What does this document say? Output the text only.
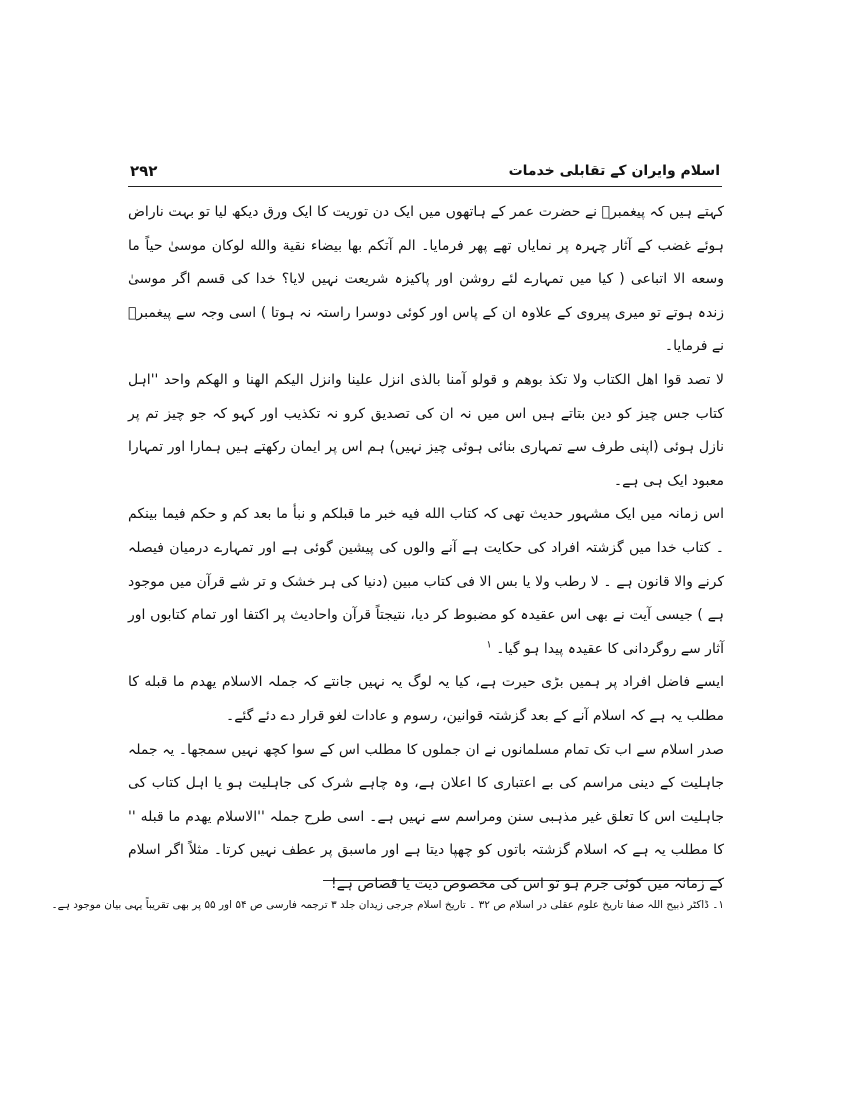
اسلام وایران کے تقابلی خدمات
۲۹۲

کہتے ہیں کہ پیغمبرؐ نے حضرت عمر کے ہاتھوں میں ایک دن توریت کا ایک ورق دیکھ لیا تو بہت ناراض ہوئے غضب کے آثار چہرہ پر نمایاں تھے پھر فرمایا۔ الم آتکم بها بيضاء نقية والله لوكان موسىٰ حياً ما وسعه الا اتباعى ( کیا میں تمہارے لئے روشن اور پاکیزہ شریعت نہیں لایا؟ خدا کی قسم اگر موسیٰ زندہ ہوتے تو میری پیروی کے علاوہ ان کے پاس اور کوئی دوسرا راستہ نہ ہوتا ) اسی وجہ سے پیغمبرؐ نے فرمایا۔

لا تصد قوا اهل الكتاب ولا تكذ بوهم و قولو آمنا بالذى انزل علينا وانزل اليكم الهنا و الهكم واحد ''اہل کتاب جس چیز کو دین بتاتے ہیں اس میں نہ ان کی تصدیق کرو نہ تکذیب اور کہو کہ جو چیز تم پر نازل ہوئی (اپنی طرف سے تمہاری بنائی ہوئی چیز نہیں) ہم اس پر ایمان رکھتے ہیں ہمارا اور تمہارا معبود ایک ہی ہے۔

اس زمانہ میں ایک مشہور حدیث تھی کہ كتاب الله فيه خبر ما قبلكم و نبأ ما بعد كم و حكم فيما بينكم ۔ کتاب خدا میں گزشتہ افراد کی حکایت ہے آنے والوں کی پیشین گوئی ہے اور تمہارے درمیان فیصلہ کرنے والا قانون ہے ۔ لا رطب ولا يا بس الا فى كتاب مبين (دنیا کی ہر خشک و تر شے قرآن میں موجود ہے ) جیسی آیت نے بھی اس عقیدہ کو مضبوط کر دیا، نتیجتاً قرآن واحادیث پر اکتفا اور تمام کتابوں اور آثار سے روگردانی کا عقیدہ پیدا ہو گیا۔ $^۱$

ایسے فاضل افراد پر ہمیں بڑی حیرت ہے، کیا یہ لوگ یہ نہیں جانتے کہ جملہ الاسلام يهدم ما قبله کا مطلب یہ ہے کہ اسلام آنے کے بعد گزشتہ قوانین، رسوم و عادات لغو قرار دے دئے گئے۔

صدر اسلام سے اب تک تمام مسلمانوں نے ان جملوں کا مطلب اس کے سوا کچھ نہیں سمجھا۔ یہ جملہ جاہلیت کے دینی مراسم کی بے اعتباری کا اعلان ہے، وہ چاہے شرک کی جاہلیت ہو یا اہل کتاب کی جاہلیت اس کا تعلق غیر مذہبی سنن ومراسم سے نہیں ہے۔ اسی طرح جملہ ''الاسلام يهدم ما قبله '' کا مطلب یہ ہے کہ اسلام گزشتہ باتوں کو چھپا دیتا ہے اور ماسبق پر عطف نہیں کرتا۔ مثلاً اگر اسلام کے زمانہ میں کوئی جرم ہو تو اس کی مخصوص دیت یا قصاص ہے!

۱۔ ڈاکٹر ذبیح اللہ صفا تاریخ علوم عقلی در اسلام ص ۳۲ ۔ تاریخ اسلام جرجی زیدان جلد ۳ ترجمہ فارسی ص ۵۴ اور ۵۵ پر بھی تقریباً یہی بیان موجود ہے۔
